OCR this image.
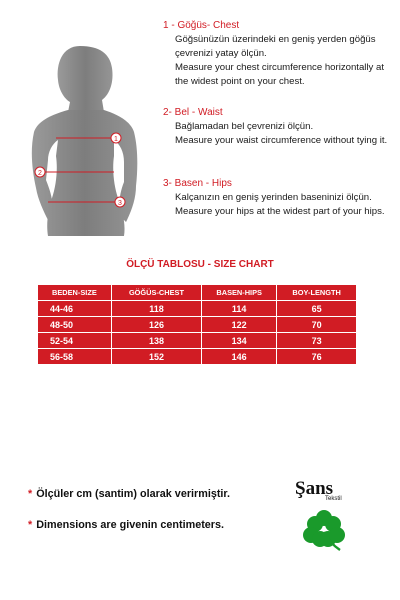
1
2
3
1 - Göğüs- Chest
Göğsünüzün üzerindeki en geniş yerden göğüs çevrenizi yatay ölçün.
Measure your chest circumference horizontally at the widest point on your chest.
2- Bel - Waist
Bağlamadan bel çevrenizi ölçün.
Measure your waist circumference without tying it.
3- Basen - Hips
Kalçanızın en geniş yerinden baseninizi ölçün.
Measure your hips at the widest part of your hips.
ÖLÇÜ TABLOSU - SIZE CHART
BEDEN-SIZE	GÖĞÜS-CHEST	BASEN-HIPS	BOY-LENGTH
44-46	118	114	65
48-50	126	122	70
52-54	138	134	73
56-58	152	146	76
* Ölçüler cm (santim) olarak verirmiştir.
* Dimensions are givenin centimeters.
Şans
Tekstil
